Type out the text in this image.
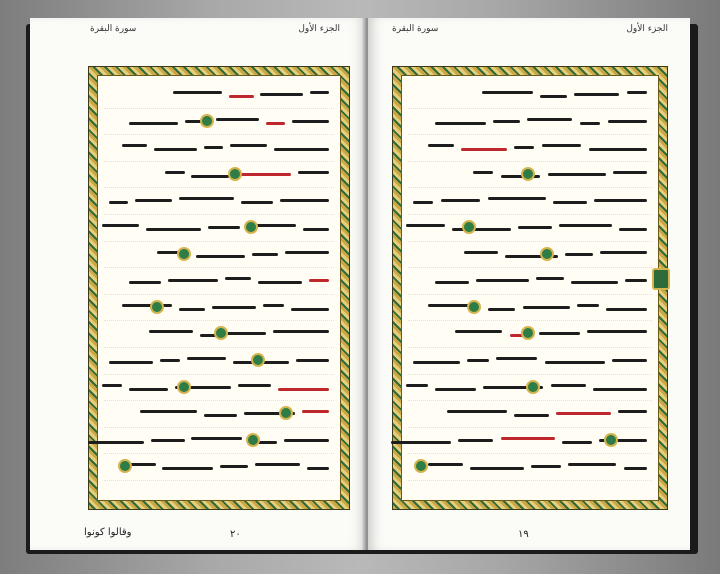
سورة البقرة	الجزء الأول
وقالوا كونوا	٢٠
سورة البقرة	الجزء الأول
١٩
